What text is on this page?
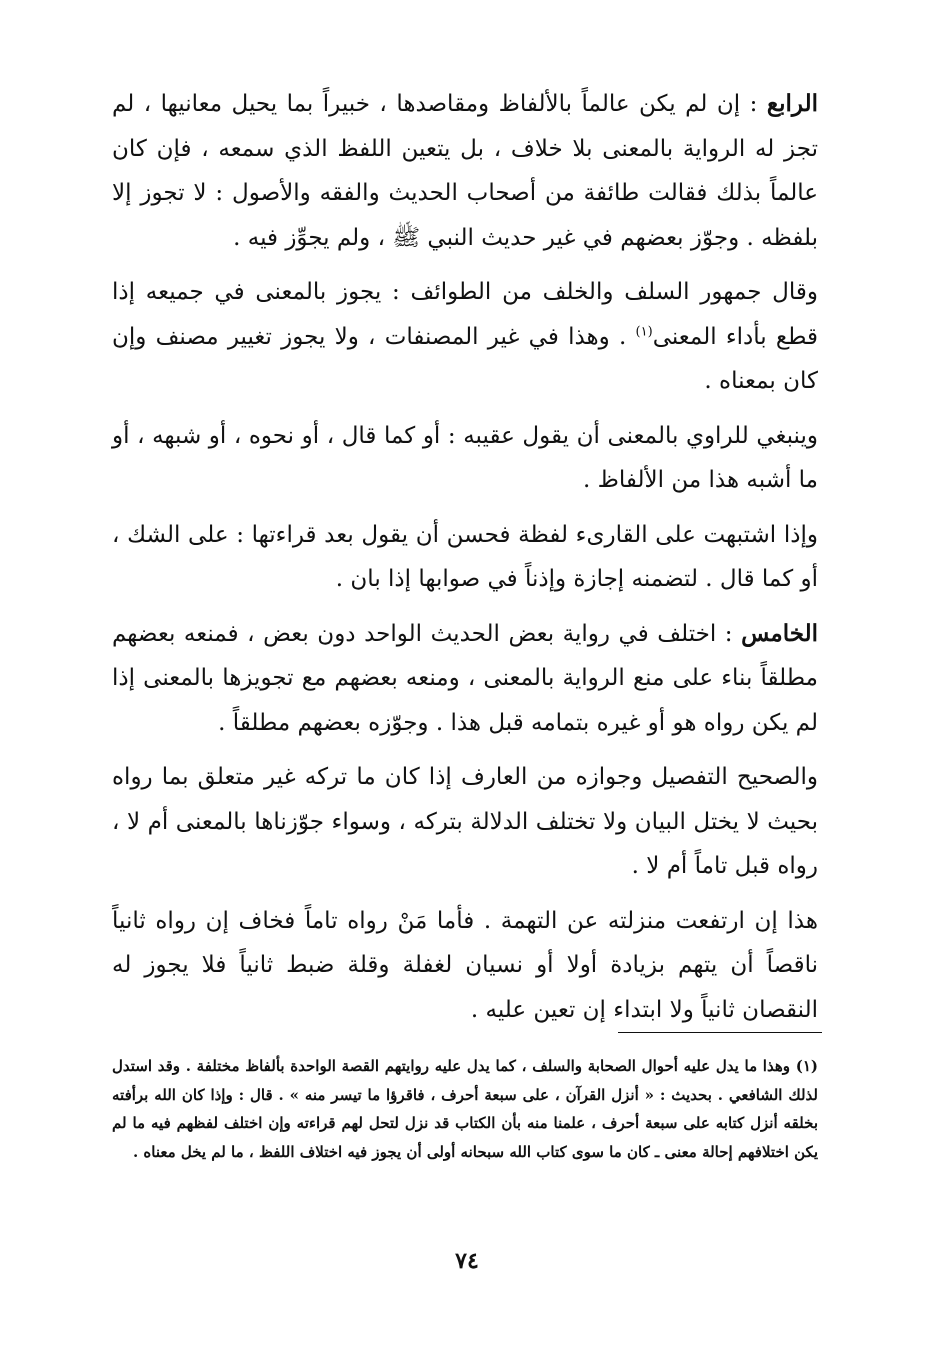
الرابع : إن لم يكن عالماً بالألفاظ ومقاصدها ، خبيراً بما يحيل معانيها ، لم تجز له الرواية بالمعنى بلا خلاف ، بل يتعين اللفظ الذي سمعه ، فإن كان عالماً بذلك فقالت طائفة من أصحاب الحديث والفقه والأصول : لا تجوز إلا بلفظه . وجوّز بعضهم في غير حديث النبي ﷺ ، ولم يجوِّز فيه .

وقال جمهور السلف والخلف من الطوائف : يجوز بالمعنى في جميعه إذا قطع بأداء المعنى$^{(١)}$ . وهذا في غير المصنفات ، ولا يجوز تغيير مصنف وإن كان بمعناه .

وينبغي للراوي بالمعنى أن يقول عقيبه : أو كما قال ، أو نحوه ، أو شبهه ، أو ما أشبه هذا من الألفاظ .

وإذا اشتبهت على القارىء لفظة فحسن أن يقول بعد قراءتها : على الشك ، أو كما قال . لتضمنه إجازة وإذناً في صوابها إذا بان .

الخامس : اختلف في رواية بعض الحديث الواحد دون بعض ، فمنعه بعضهم مطلقاً بناء على منع الرواية بالمعنى ، ومنعه بعضهم مع تجويزها بالمعنى إذا لم يكن رواه هو أو غيره بتمامه قبل هذا . وجوّزه بعضهم مطلقاً .

والصحيح التفصيل وجوازه من العارف إذا كان ما تركه غير متعلق بما رواه بحيث لا يختل البيان ولا تختلف الدلالة بتركه ، وسواء جوّزناها بالمعنى أم لا ، رواه قبل تاماً أم لا .

هذا إن ارتفعت منزلته عن التهمة . فأما مَنْ رواه تاماً فخاف إن رواه ثانياً ناقصاً أن يتهم بزيادة أولا أو نسيان لغفلة وقلة ضبط ثانياً فلا يجوز له النقصان ثانياً ولا ابتداء إن تعين عليه .

(١) وهذا ما يدل عليه أحوال الصحابة والسلف ، كما يدل عليه روايتهم القصة الواحدة بألفاظ مختلفة . وقد استدل لذلك الشافعي . بحديث : « أنزل القرآن ، على سبعة أحرف ، فاقرؤا ما تيسر منه » . قال : وإذا كان الله برأفته بخلقه أنزل كتابه على سبعة أحرف ، علمنا منه بأن الكتاب قد نزل لتحل لهم قراءته وإن اختلف لفظهم فيه ما لم يكن اختلافهم إحالة معنى ـ كان ما سوى كتاب الله سبحانه أولى أن يجوز فيه اختلاف اللفظ ، ما لم يخل معناه .
٧٤
